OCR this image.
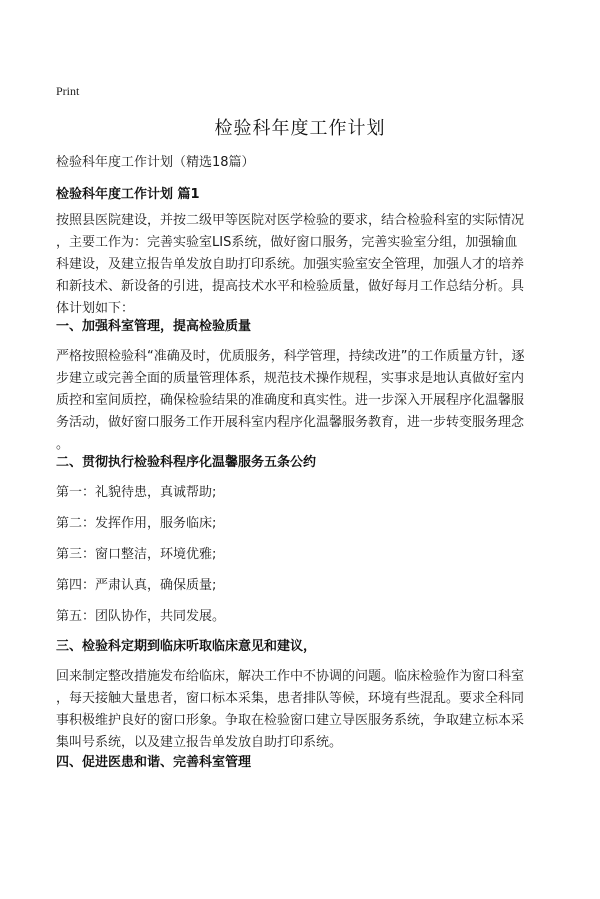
Print
检验科年度工作计划
检验科年度工作计划（精选18篇）
检验科年度工作计划 篇1
按照县医院建设，并按二级甲等医院对医学检验的要求，结合检验科室的实际情况
，主要工作为：完善实验室LIS系统，做好窗口服务，完善实验室分组，加强输血
科建设，及建立报告单发放自助打印系统。加强实验室安全管理，加强人才的培养
和新技术、新设备的引进，提高技术水平和检验质量，做好每月工作总结分析。具
体计划如下：
一、加强科室管理，提高检验质量
严格按照检验科“准确及时，优质服务，科学管理，持续改进”的工作质量方针，逐
步建立或完善全面的质量管理体系，规范技术操作规程，实事求是地认真做好室内
质控和室间质控，确保检验结果的准确度和真实性。进一步深入开展程序化温馨服
务活动，做好窗口服务工作开展科室内程序化温馨服务教育，进一步转变服务理念
。
二、贯彻执行检验科程序化温馨服务五条公约
第一：礼貌待患，真诚帮助;
第二：发挥作用，服务临床;
第三：窗口整洁，环境优雅;
第四：严肃认真，确保质量;
第五：团队协作，共同发展。
三、检验科定期到临床听取临床意见和建议，
回来制定整改措施发布给临床，解决工作中不协调的问题。临床检验作为窗口科室
，每天接触大量患者，窗口标本采集，患者排队等候，环境有些混乱。要求全科同
事积极维护良好的窗口形象。争取在检验窗口建立导医服务系统，争取建立标本采
集叫号系统，以及建立报告单发放自助打印系统。
四、促进医患和谐、完善科室管理
